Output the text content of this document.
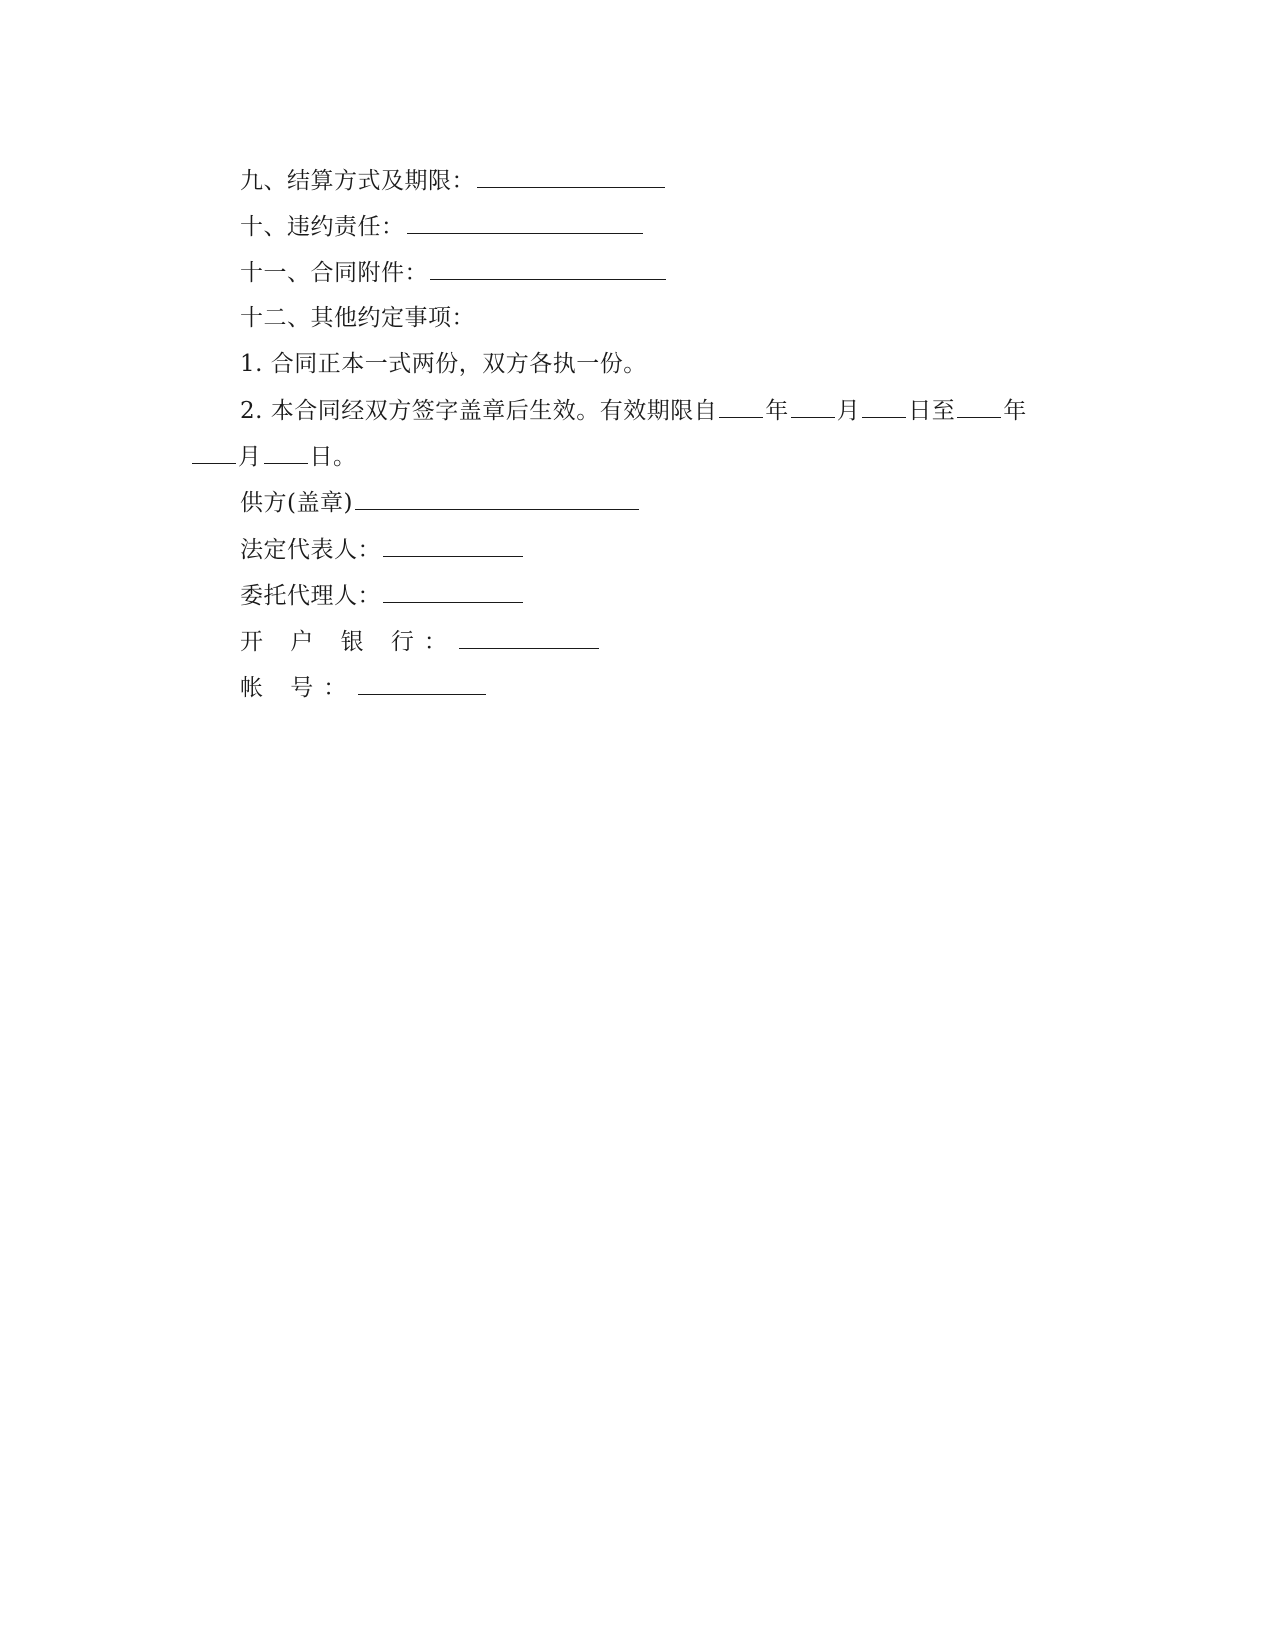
九、结算方式及期限：
十、违约责任：
十一、合同附件：
十二、其他约定事项：
1. 合同正本一式两份，双方各执一份。
2. 本合同经双方签字盖章后生效。有效期限自 年 月 日至 年
月 日。
供方(盖章)
法定代表人：
委托代理人：
开 户 银 行：
帐 号：
